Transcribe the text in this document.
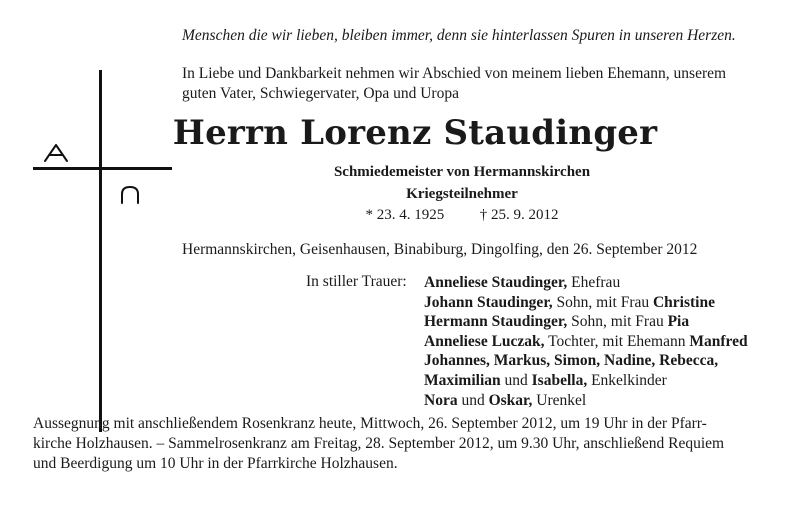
Menschen die wir lieben, bleiben immer, denn sie hinterlassen Spuren in unseren Herzen.
In Liebe und Dankbarkeit nehmen wir Abschied von meinem lieben Ehemann, unserem
guten Vater, Schwiegervater, Opa und Uropa
Herrn Lorenz Staudinger
Schmiedemeister von Hermannskirchen
Kriegsteilnehmer
* 23. 4. 1925 † 25. 9. 2012
Hermannskirchen, Geisenhausen, Binabiburg, Dingolfing, den 26. September 2012
In stiller Trauer: Anneliese Staudinger, Ehefrau
Johann Staudinger, Sohn, mit Frau Christine
Hermann Staudinger, Sohn, mit Frau Pia
Anneliese Luczak, Tochter, mit Ehemann Manfred
Johannes, Markus, Simon, Nadine, Rebecca,
Maximilian und Isabella, Enkelkinder
Nora und Oskar, Urenkel
Aussegnung mit anschließendem Rosenkranz heute, Mittwoch, 26. September 2012, um 19 Uhr in der Pfarr-
kirche Holzhausen. – Sammelrosenkranz am Freitag, 28. September 2012, um 9.30 Uhr, anschließend Requiem
und Beerdigung um 10 Uhr in der Pfarrkirche Holzhausen.
